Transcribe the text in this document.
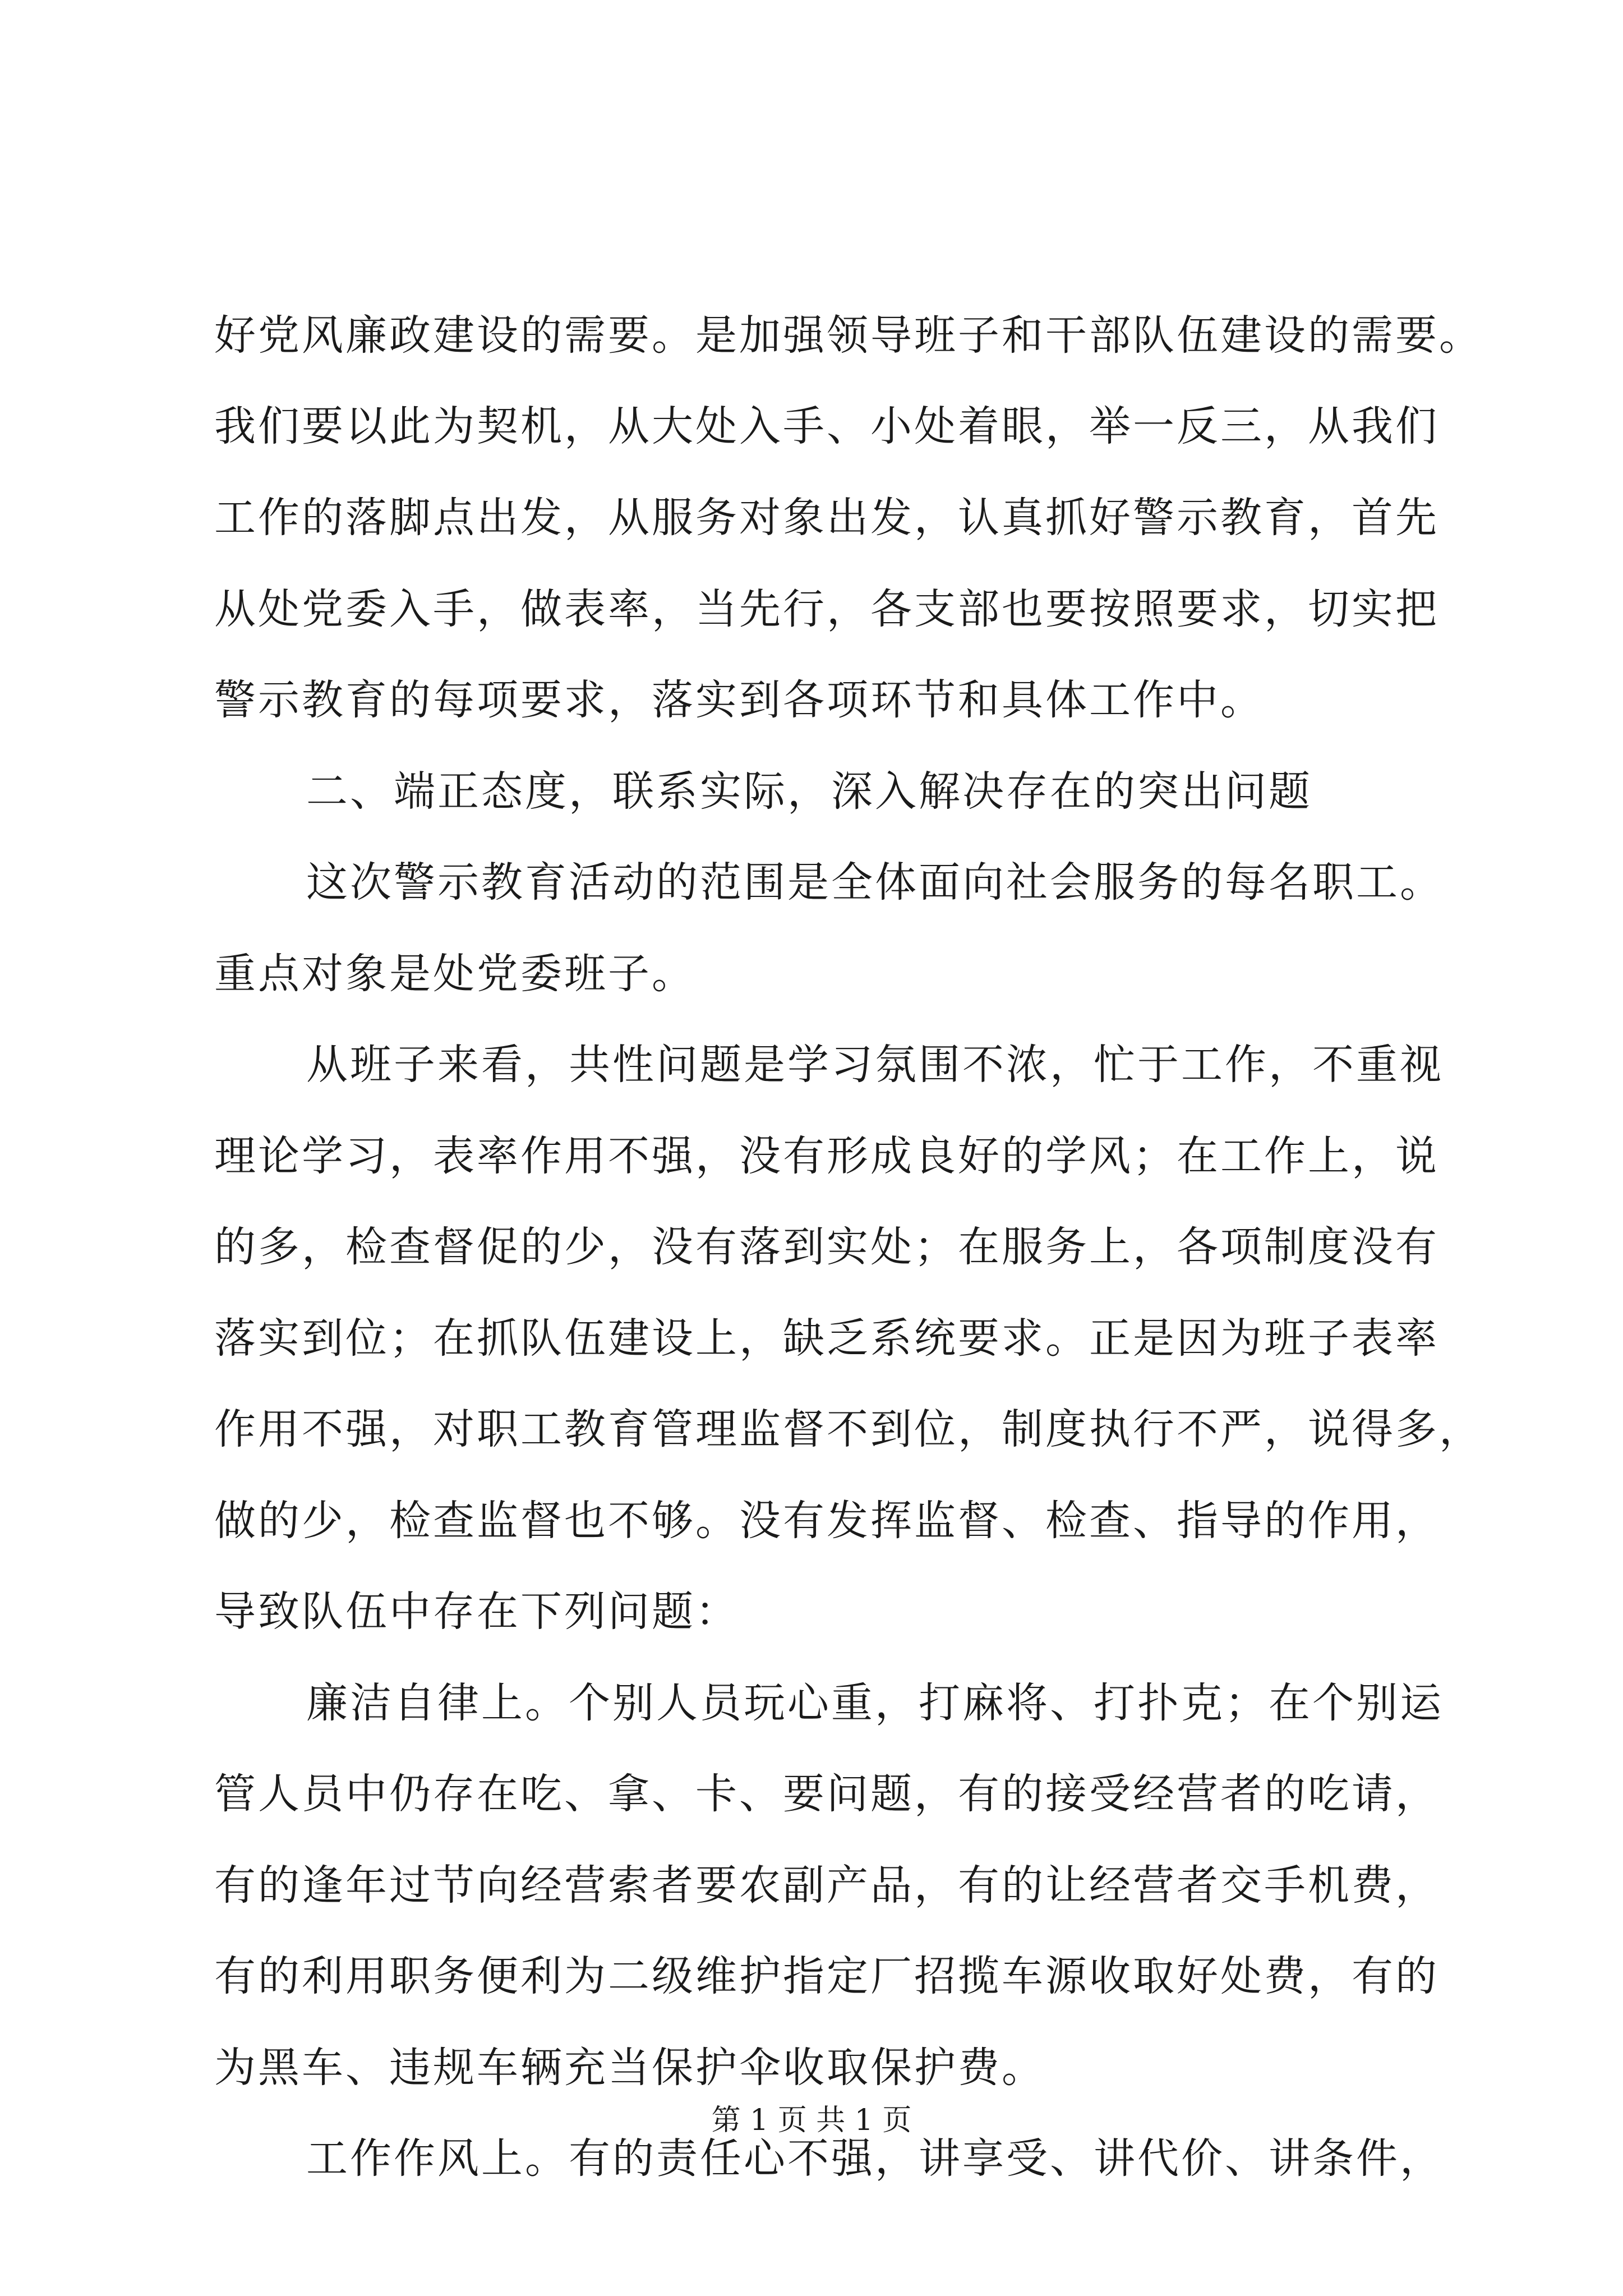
好党风廉政建设的需要。是加强领导班子和干部队伍建设的需要。
我们要以此为契机，从大处入手、小处着眼，举一反三，从我们
工作的落脚点出发，从服务对象出发，认真抓好警示教育，首先
从处党委入手，做表率，当先行，各支部也要按照要求，切实把
警示教育的每项要求，落实到各项环节和具体工作中。
二、端正态度，联系实际，深入解决存在的突出问题
这次警示教育活动的范围是全体面向社会服务的每名职工。
重点对象是处党委班子。
从班子来看，共性问题是学习氛围不浓，忙于工作，不重视
理论学习，表率作用不强，没有形成良好的学风；在工作上，说
的多，检查督促的少，没有落到实处；在服务上，各项制度没有
落实到位；在抓队伍建设上，缺乏系统要求。正是因为班子表率
作用不强，对职工教育管理监督不到位，制度执行不严，说得多，
做的少，检查监督也不够。没有发挥监督、检查、指导的作用，
导致队伍中存在下列问题：
廉洁自律上。个别人员玩心重，打麻将、打扑克；在个别运
管人员中仍存在吃、拿、卡、要问题，有的接受经营者的吃请，
有的逢年过节向经营索者要农副产品，有的让经营者交手机费，
有的利用职务便利为二级维护指定厂招揽车源收取好处费，有的
为黑车、违规车辆充当保护伞收取保护费。
工作作风上。有的责任心不强，讲享受、讲代价、讲条件，
第 1 页 共 1 页
